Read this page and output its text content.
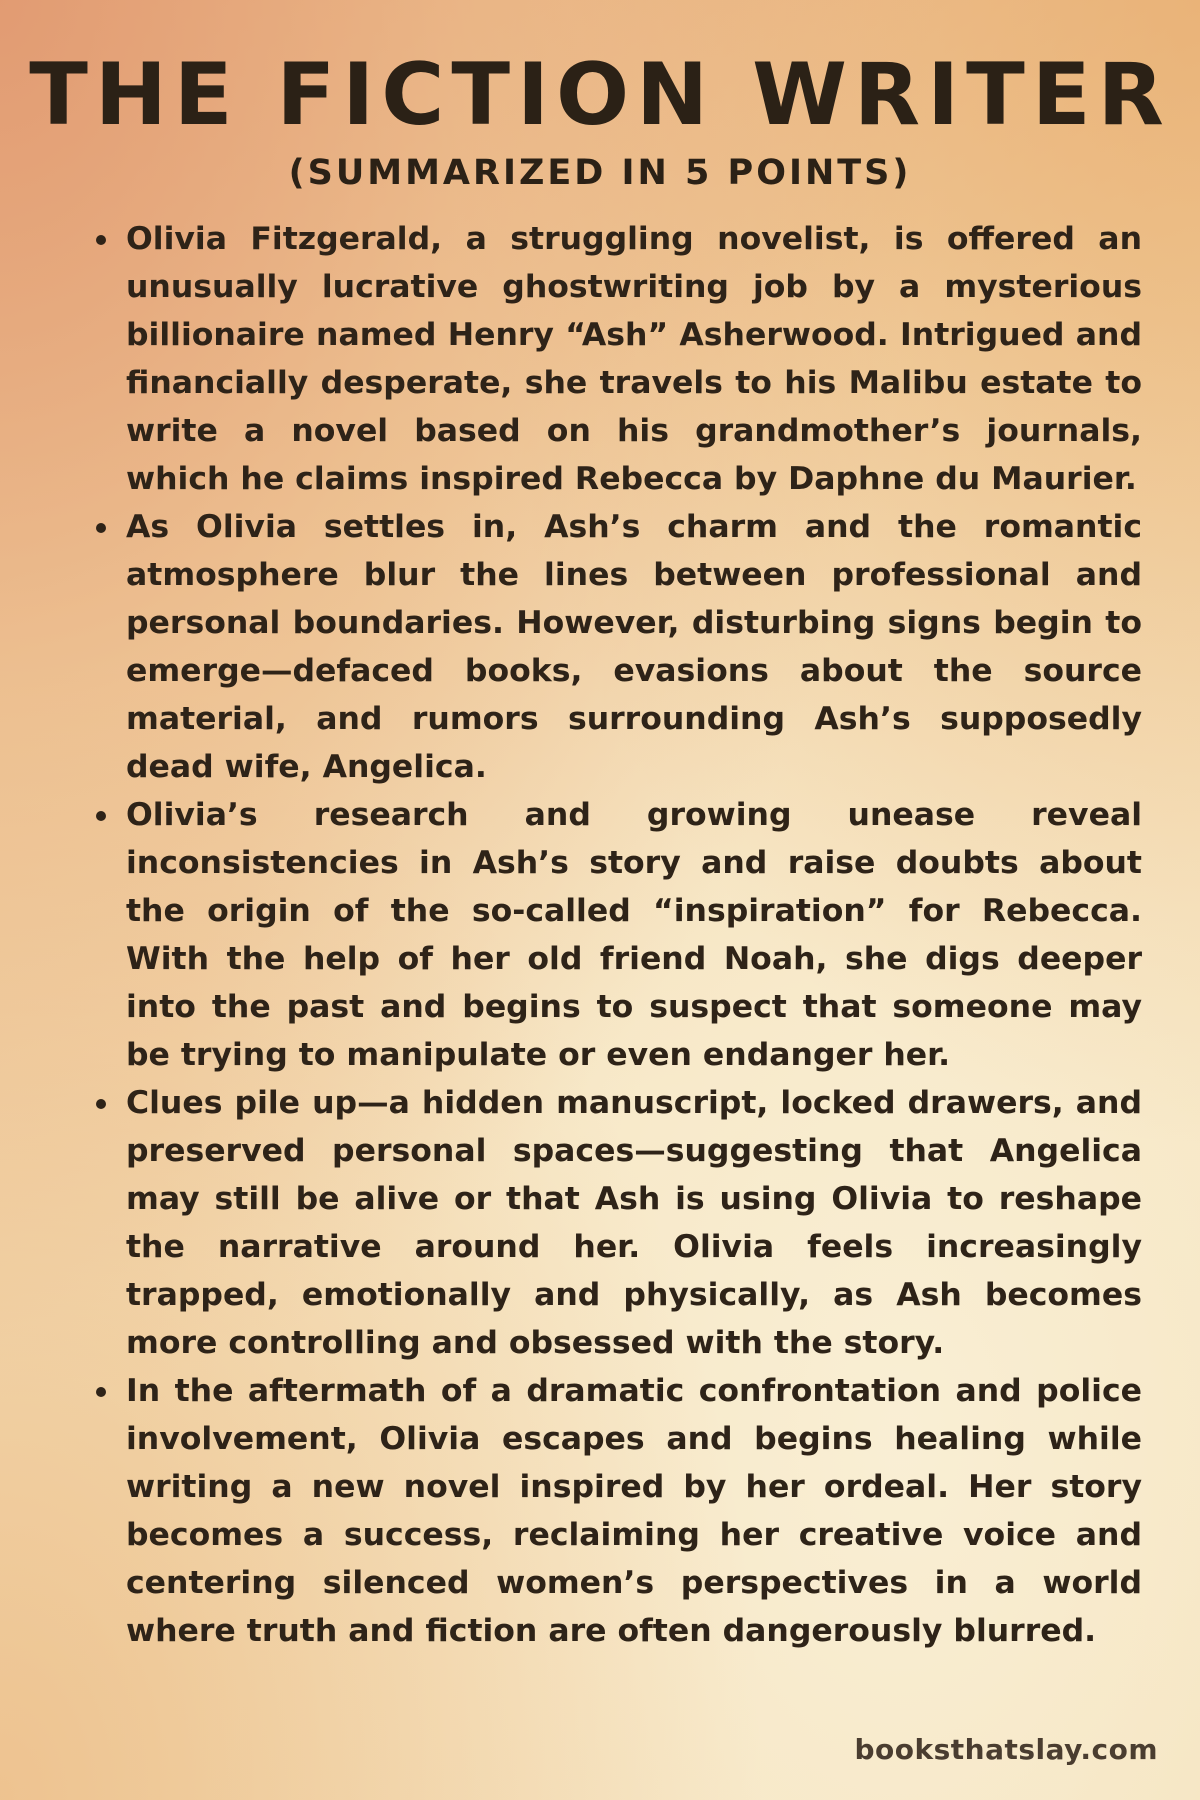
THE FICTION WRITER
(SUMMARIZED IN 5 POINTS)
Olivia Fitzgerald, a struggling novelist, is offered an unusually lucrative ghostwriting job by a mysterious billionaire named Henry “Ash” Asherwood. Intrigued and financially desperate, she travels to his Malibu estate to write a novel based on his grandmother’s journals, which he claims inspired Rebecca by Daphne du Maurier.
As Olivia settles in, Ash’s charm and the romantic atmosphere blur the lines between professional and personal boundaries. However, disturbing signs begin to emerge—defaced books, evasions about the source material, and rumors surrounding Ash’s supposedly dead wife, Angelica.
Olivia’s research and growing unease reveal inconsistencies in Ash’s story and raise doubts about the origin of the so-called “inspiration” for Rebecca. With the help of her old friend Noah, she digs deeper into the past and begins to suspect that someone may be trying to manipulate or even endanger her.
Clues pile up—a hidden manuscript, locked drawers, and preserved personal spaces—suggesting that Angelica may still be alive or that Ash is using Olivia to reshape the narrative around her. Olivia feels increasingly trapped, emotionally and physically, as Ash becomes more controlling and obsessed with the story.
In the aftermath of a dramatic confrontation and police involvement, Olivia escapes and begins healing while writing a new novel inspired by her ordeal. Her story becomes a success, reclaiming her creative voice and centering silenced women’s perspectives in a world where truth and fiction are often dangerously blurred.
booksthatslay.com
